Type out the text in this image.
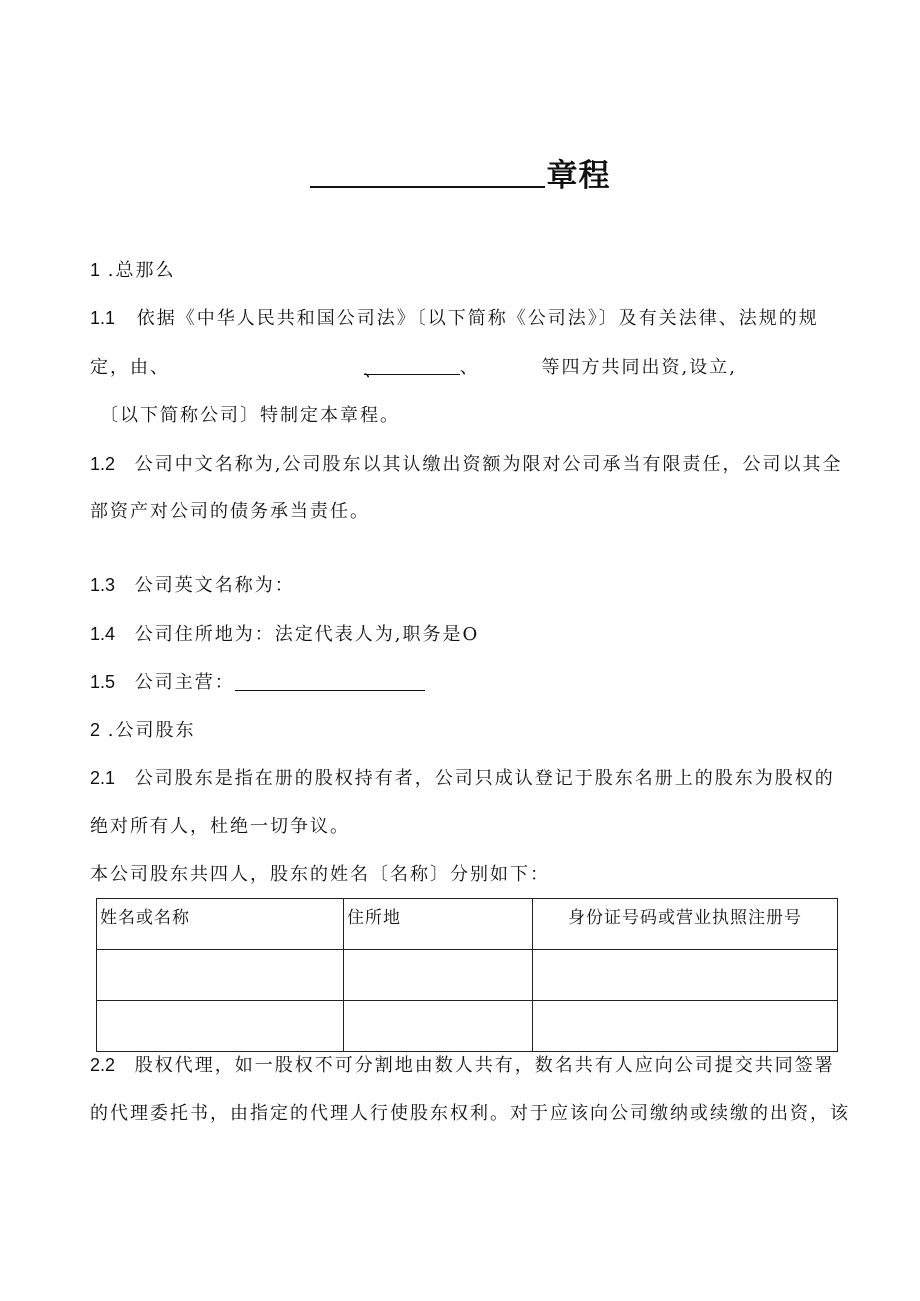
章程
1 .总那么
1.1 依据《中华人民共和国公司法》〔以下简称《公司法》〕及有关法律、法规的规
定，由、	、	、	等四方共同出资,设立,
〔以下简称公司〕特制定本章程。
1.2 公司中文名称为,公司股东以其认缴出资额为限对公司承当有限责任，公司以其全
部资产对公司的债务承当责任。
1.3 公司英文名称为：
1.4 公司住所地为：法定代表人为,职务是O
1.5 公司主营：
2 .公司股东
2.1 公司股东是指在册的股权持有者，公司只成认登记于股东名册上的股东为股权的
绝对所有人，杜绝一切争议。
本公司股东共四人，股东的姓名〔名称〕分别如下：
姓名或名称	住所地	身份证号码或营业执照注册号

2.2 股权代理，如一股权不可分割地由数人共有，数名共有人应向公司提交共同签署
的代理委托书，由指定的代理人行使股东权利。对于应该向公司缴纳或续缴的出资，该
